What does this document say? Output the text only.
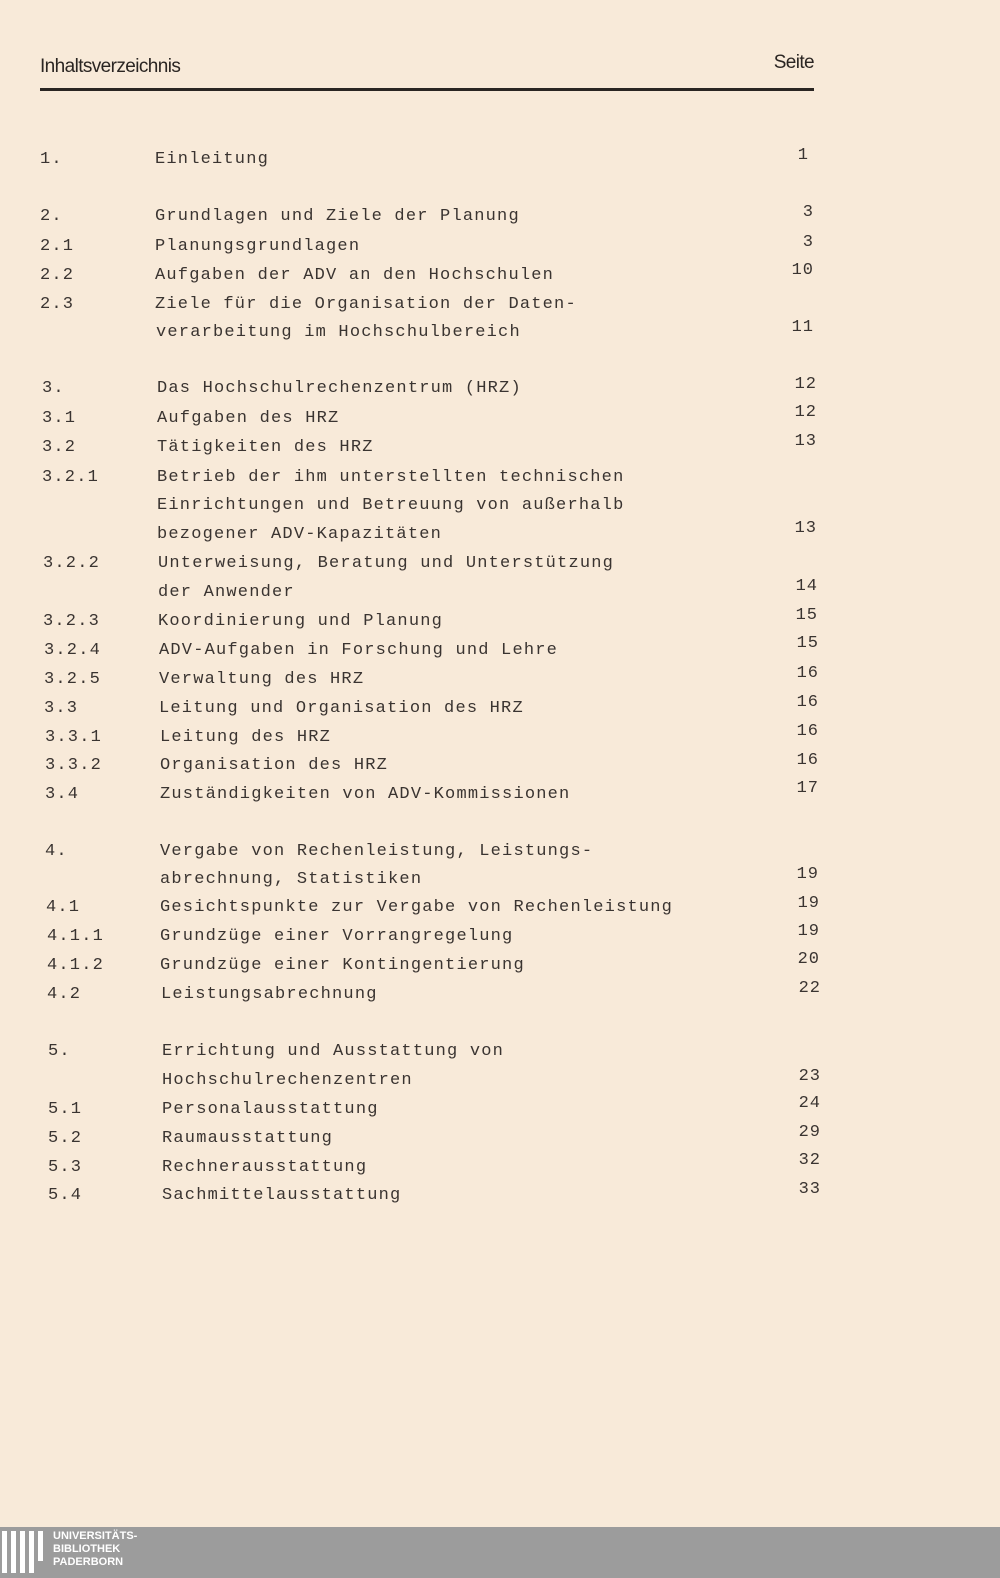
Inhaltsverzeichnis	Seite
1.	Einleitung	1
2.	Grundlagen und Ziele der Planung	3
2.1	Planungsgrundlagen	3
2.2	Aufgaben der ADV an den Hochschulen	10
2.3	Ziele für die Organisation der Daten-
verarbeitung im Hochschulbereich	11
3.	Das Hochschulrechenzentrum (HRZ)	12
3.1	Aufgaben des HRZ	12
3.2	Tätigkeiten des HRZ	13
3.2.1	Betrieb der ihm unterstellten technischen
Einrichtungen und Betreuung von außerhalb
bezogener ADV-Kapazitäten	13
3.2.2	Unterweisung, Beratung und Unterstützung
der Anwender	14
3.2.3	Koordinierung und Planung	15
3.2.4	ADV-Aufgaben in Forschung und Lehre	15
3.2.5	Verwaltung des HRZ	16
3.3	Leitung und Organisation des HRZ	16
3.3.1	Leitung des HRZ	16
3.3.2	Organisation des HRZ	16
3.4	Zuständigkeiten von ADV-Kommissionen	17
4.	Vergabe von Rechenleistung, Leistungs-
abrechnung, Statistiken	19
4.1	Gesichtspunkte zur Vergabe von Rechenleistung	19
4.1.1	Grundzüge einer Vorrangregelung	19
4.1.2	Grundzüge einer Kontingentierung	20
4.2	Leistungsabrechnung	22
5.	Errichtung und Ausstattung von
Hochschulrechenzentren	23
5.1	Personalausstattung	24
5.2	Raumausstattung	29
5.3	Rechnerausstattung	32
5.4	Sachmittelausstattung	33
UNIVERSITÄTS-
BIBLIOTHEK
PADERBORN
